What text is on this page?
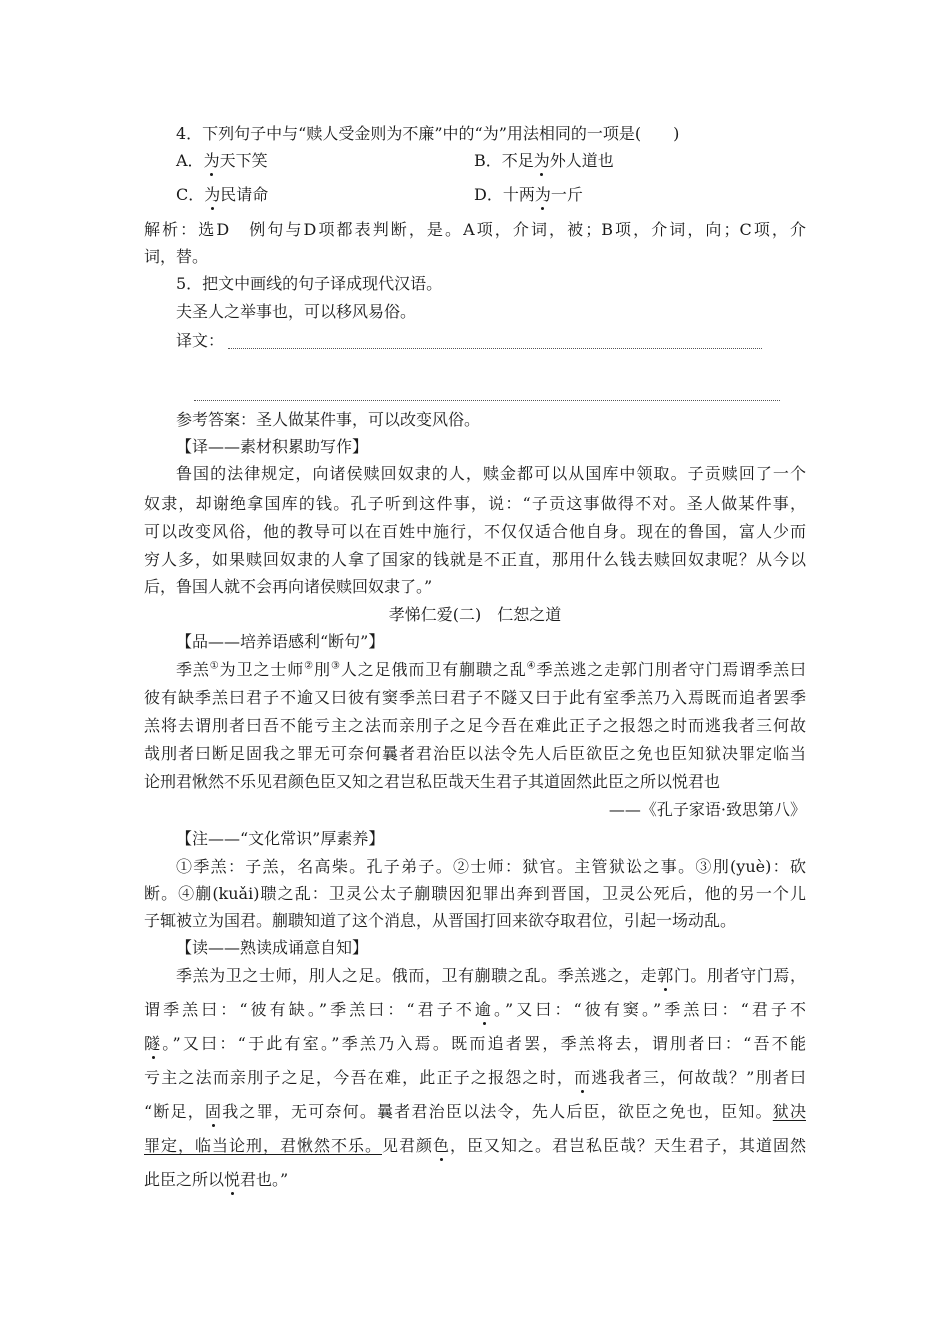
4．下列句子中与“赎人受金则为不廉”中的“为”用法相同的一项是(　　)
A．为天下笑	B．不足为外人道也
C．为民请命	D．十两为一斤
解析：选D　例句与D项都表判断，是。A项，介词，被；B项，介词，向；C项，介
词，替。
5．把文中画线的句子译成现代汉语。
夫圣人之举事也，可以移风易俗。
译文：
参考答案：圣人做某件事，可以改变风俗。
【译——素材积累助写作】
鲁国的法律规定，向诸侯赎回奴隶的人，赎金都可以从国库中领取。子贡赎回了一个
奴隶，却谢绝拿国库的钱。孔子听到这件事，说：“子贡这事做得不对。圣人做某件事，
可以改变风俗，他的教导可以在百姓中施行，不仅仅适合他自身。现在的鲁国，富人少而
穷人多，如果赎回奴隶的人拿了国家的钱就是不正直，那用什么钱去赎回奴隶呢？从今以
后，鲁国人就不会再向诸侯赎回奴隶了。”
孝悌仁爱(二)　仁恕之道
【品——培养语感利“断句”】
季羔①为卫之士师②刖③人之足俄而卫有蒯聩之乱④季羔逃之走郭门刖者守门焉谓季羔曰
彼有缺季羔曰君子不逾又曰彼有窦季羔曰君子不隧又曰于此有室季羔乃入焉既而追者罢季
羔将去谓刖者曰吾不能亏主之法而亲刖子之足今吾在难此正子之报怨之时而逃我者三何故
哉刖者曰断足固我之罪无可奈何曩者君治臣以法令先人后臣欲臣之免也臣知狱决罪定临当
论刑君愀然不乐见君颜色臣又知之君岂私臣哉天生君子其道固然此臣之所以悦君也
——《孔子家语·致思第八》
【注——“文化常识”厚素养】
①季羔：子羔，名高柴。孔子弟子。②士师：狱官。主管狱讼之事。③刖(yuè)：砍
断。④蒯(kuǎi)聩之乱：卫灵公太子蒯聩因犯罪出奔到晋国，卫灵公死后，他的另一个儿
子辄被立为国君。蒯聩知道了这个消息，从晋国打回来欲夺取君位，引起一场动乱。
【读——熟读成诵意自知】
季羔为卫之士师，刖人之足。俄而，卫有蒯聩之乱。季羔逃之，走郭门。刖者守门焉，
谓季羔曰：“彼有缺。”季羔曰：“君子不逾。”又曰：“彼有窦。”季羔曰：“君子不
隧。”又曰：“于此有室。”季羔乃入焉。既而追者罢，季羔将去，谓刖者曰：“吾不能
亏主之法而亲刖子之足，今吾在难，此正子之报怨之时，而逃我者三，何故哉？”刖者曰
“断足，固我之罪，无可奈何。曩者君治臣以法令，先人后臣，欲臣之免也，臣知。狱决
罪定，临当论刑，君愀然不乐。见君颜色，臣又知之。君岂私臣哉？天生君子，其道固然
此臣之所以悦君也。”
